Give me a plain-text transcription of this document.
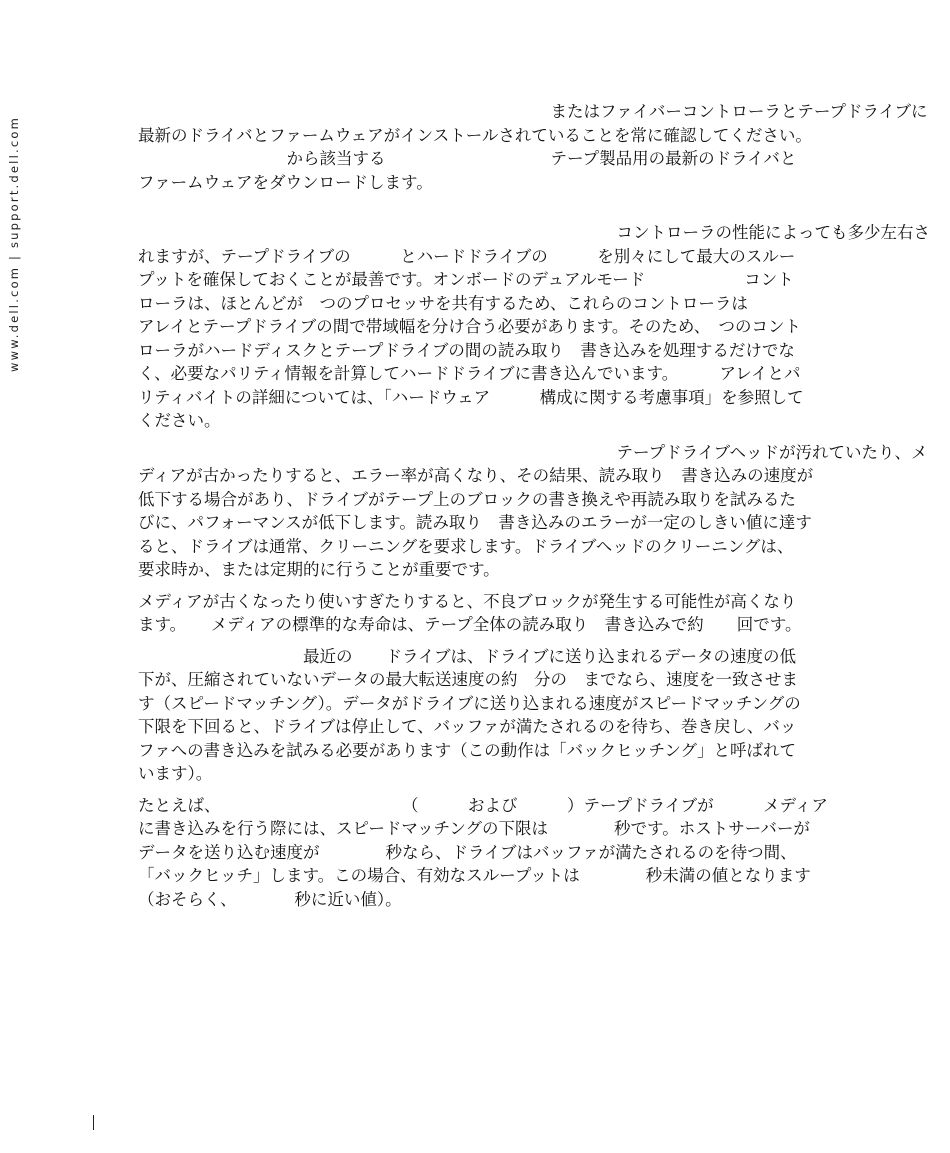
www.dell.com | support.dell.com
　　　　　　　　　　　　　　　　　　　　　　　　　またはファイバーコントローラとテープドライブに
最新のドライバとファームウェアがインストールされていることを常に確認してください。
　　　　　　　　　から該当する　　　　　　　　　　テープ製品用の最新のドライバと
ファームウェアをダウンロードします。
　　　　　　　　　　　　　　　　　　　　　　　　　　　　　コントローラの性能によっても多少左右さ
れますが、テープドライブの　　　とハードドライブの　　　を別々にして最大のスルー
プットを確保しておくことが最善です。オンボードのデュアルモード　　　　　　コント
ローラは、ほとんどが　つのプロセッサを共有するため、これらのコントローラは
アレイとテープドライブの間で帯域幅を分け合う必要があります。そのため、　つのコント
ローラがハードディスクとテープドライブの間の読み取り　書き込みを処理するだけでな
く、必要なパリティ情報を計算してハードドライブに書き込んでいます。　　　アレイとパ
リティバイトの詳細については、「ハードウェア　　　構成に関する考慮事項」を参照して
ください。
　　　　　　　　　　　　　　　　　　　　　　　　　　　　　テープドライブヘッドが汚れていたり、メ
ディアが古かったりすると、エラー率が高くなり、その結果、読み取り　書き込みの速度が
低下する場合があり、ドライブがテープ上のブロックの書き換えや再読み取りを試みるた
びに、パフォーマンスが低下します。読み取り　書き込みのエラーが一定のしきい値に達す
ると、ドライブは通常、クリーニングを要求します。ドライブヘッドのクリーニングは、
要求時か、または定期的に行うことが重要です。
メディアが古くなったり使いすぎたりすると、不良ブロックが発生する可能性が高くなり
ます。　　メディアの標準的な寿命は、テープ全体の読み取り　書き込みで約　　回です。
　　　　　　　　　　最近の　　ドライブは、ドライブに送り込まれるデータの速度の低
下が、圧縮されていないデータの最大転送速度の約　分の　までなら、速度を一致させま
す（スピードマッチング）。データがドライブに送り込まれる速度がスピードマッチングの
下限を下回ると、ドライブは停止して、バッファが満たされるのを待ち、巻き戻し、バッ
ファへの書き込みを試みる必要があります（この動作は「バックヒッチング」と呼ばれて
います）。
たとえば、　　　　　　　　　　　　（　　　および　　　）テープドライブが　　　メディア
に書き込みを行う際には、スピードマッチングの下限は　　　　秒です。ホストサーバーが
データを送り込む速度が　　　　秒なら、ドライブはバッファが満たされるのを待つ間、
「バックヒッチ」します。この場合、有効なスループットは　　　　秒未満の値となります
（おそらく、　　　　秒に近い値）。
